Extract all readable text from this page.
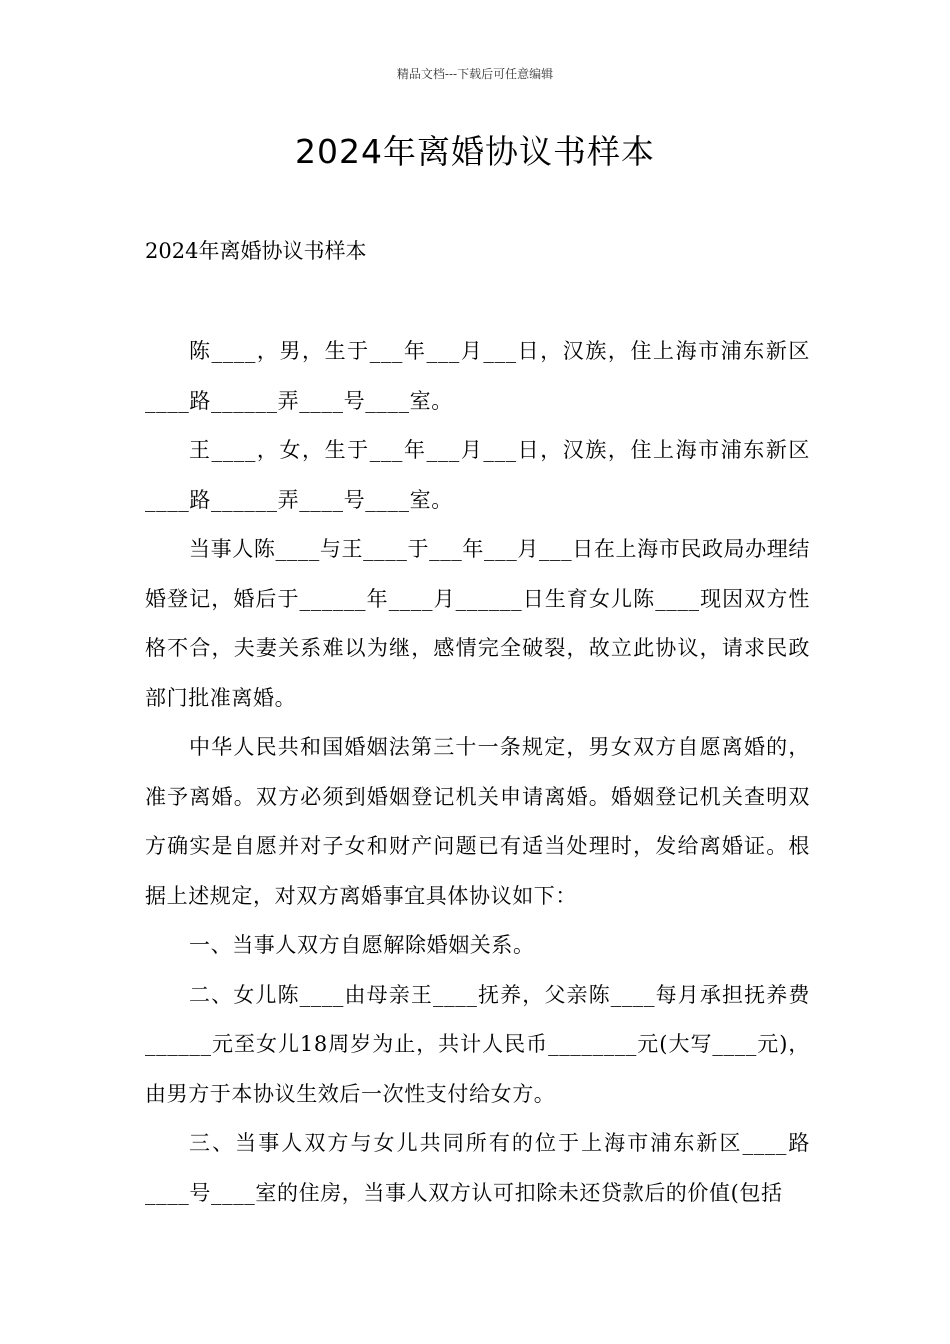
精品文档---下载后可任意编辑
2024年离婚协议书样本
2024年离婚协议书样本

陈____，男，生于___年___月___日，汉族，住上海市浦东新区____路______弄____号____室。

王____，女，生于___年___月___日，汉族，住上海市浦东新区____路______弄____号____室。

当事人陈____与王____于___年___月___日在上海市民政局办理结婚登记，婚后于______年____月______日生育女儿陈____现因双方性格不合，夫妻关系难以为继，感情完全破裂，故立此协议，请求民政部门批准离婚。

中华人民共和国婚姻法第三十一条规定，男女双方自愿离婚的，准予离婚。双方必须到婚姻登记机关申请离婚。婚姻登记机关查明双方确实是自愿并对子女和财产问题已有适当处理时，发给离婚证。根据上述规定，对双方离婚事宜具体协议如下：

一、当事人双方自愿解除婚姻关系。

二、女儿陈____由母亲王____抚养，父亲陈____每月承担抚养费______元至女儿18周岁为止，共计人民币________元(大写____元)，由男方于本协议生效后一次性支付给女方。

三、当事人双方与女儿共同所有的位于上海市浦东新区____路____号____室的住房，当事人双方认可扣除未还贷款后的价值(包括
